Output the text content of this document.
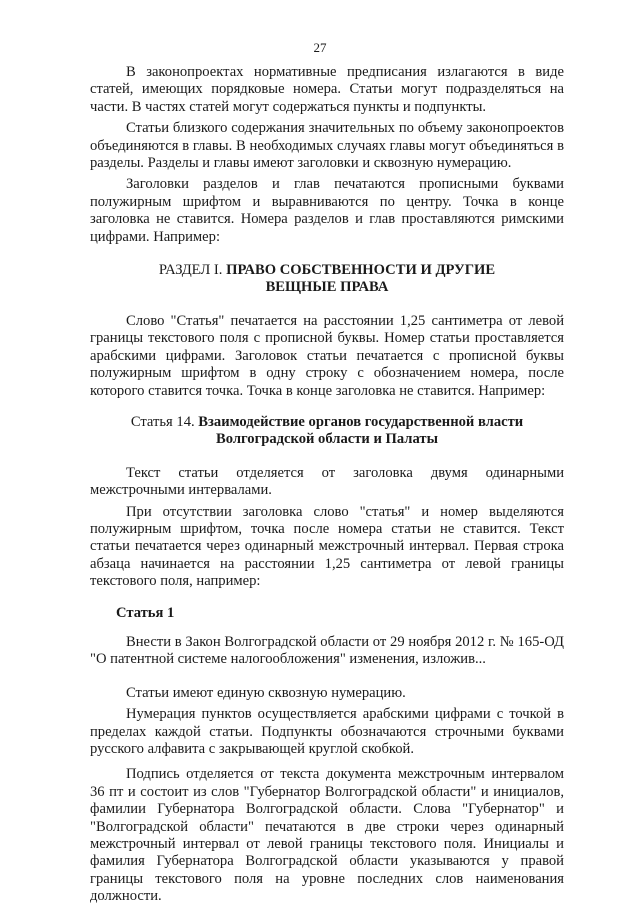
27

В законопроектах нормативные предписания излагаются в виде статей, имеющих порядковые номера. Статьи могут подразделяться на части. В частях статей могут содержаться пункты и подпункты.

Статьи близкого содержания значительных по объему законопроектов объединяются в главы. В необходимых случаях главы могут объединяться в разделы. Разделы и главы имеют заголовки и сквозную нумерацию.

Заголовки разделов и глав печатаются прописными буквами полужирным шрифтом и выравниваются по центру. Точка в конце заголовка не ставится. Номера разделов и глав проставляются римскими цифрами. Например:

РАЗДЕЛ I. ПРАВО СОБСТВЕННОСТИ И ДРУГИЕ
ВЕЩНЫЕ ПРАВА

Слово "Статья" печатается на расстоянии 1,25 сантиметра от левой границы текстового поля с прописной буквы. Номер статьи проставляется арабскими цифрами. Заголовок статьи печатается с прописной буквы полужирным шрифтом в одну строку с обозначением номера, после которого ставится точка. Точка в конце заголовка не ставится. Например:

Статья 14. Взаимодействие органов государственной власти
Волгоградской области и Палаты

Текст статьи отделяется от заголовка двумя одинарными межстрочными интервалами.

При отсутствии заголовка слово "статья" и номер выделяются полужирным шрифтом, точка после номера статьи не ставится. Текст статьи печатается через одинарный межстрочный интервал. Первая строка абзаца начинается на расстоянии 1,25 сантиметра от левой границы текстового поля, например:

Статья 1

Внести в Закон Волгоградской области от 29 ноября 2012 г. № 165-ОД "О патентной системе налогообложения" изменения, изложив...

Статьи имеют единую сквозную нумерацию.

Нумерация пунктов осуществляется арабскими цифрами с точкой в пределах каждой статьи. Подпункты обозначаются строчными буквами русского алфавита с закрывающей круглой скобкой.

Подпись отделяется от текста документа межстрочным интервалом 36 пт и состоит из слов "Губернатор Волгоградской области" и инициалов, фамилии Губернатора Волгоградской области. Слова "Губернатор" и "Волгоградской области" печатаются в две строки через одинарный межстрочный интервал от левой границы текстового поля. Инициалы и фамилия Губернатора Волгоградской области указываются у правой границы текстового поля на уровне последних слов наименования должности.
